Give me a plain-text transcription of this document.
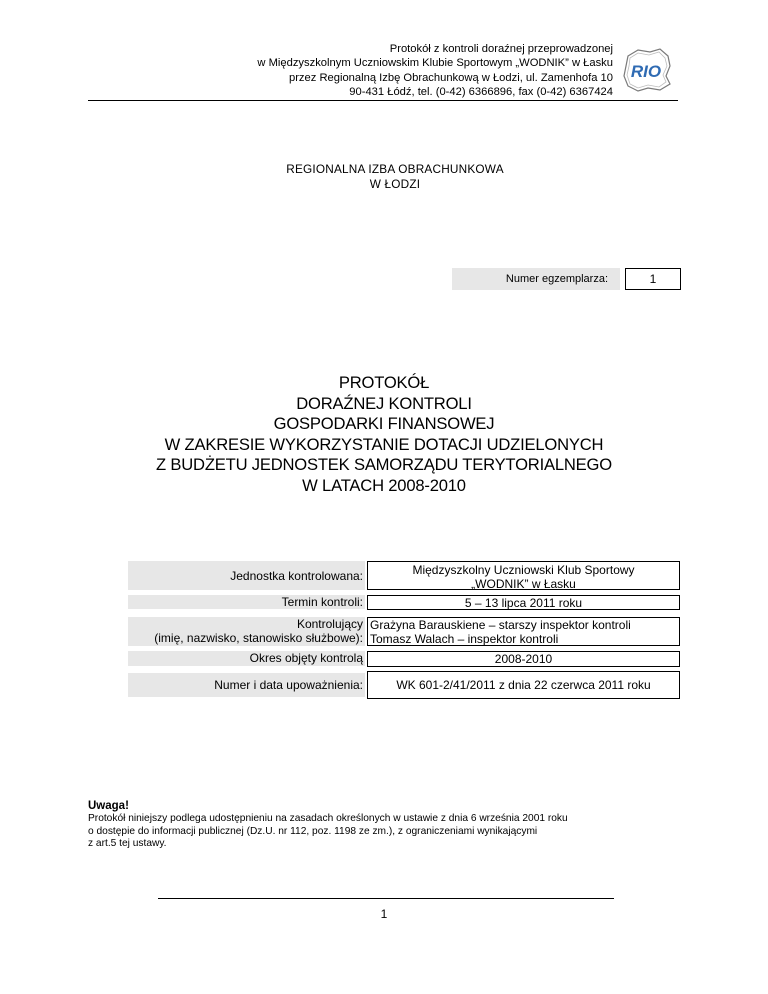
Protokół z kontroli doraźnej przeprowadzonej
w Międzyszkolnym Uczniowskim Klubie Sportowym „WODNIK” w Łasku
przez Regionalną Izbę Obrachunkową w Łodzi, ul. Zamenhofa 10
90-431 Łódź, tel. (0-42) 6366896, fax (0-42) 6367424
RIO
REGIONALNA IZBA OBRACHUNKOWA
W ŁODZI
Numer egzemplarza:	1
PROTOKÓŁ
DORAŹNEJ KONTROLI
GOSPODARKI FINANSOWEJ
W ZAKRESIE WYKORZYSTANIE DOTACJI UDZIELONYCH
Z BUDŻETU JEDNOSTEK SAMORZĄDU TERYTORIALNEGO
W LATACH 2008-2010
Jednostka kontrolowana:	Międzyszkolny Uczniowski Klub Sportowy
„WODNIK” w Łasku
Termin kontroli:	5 – 13 lipca 2011 roku
Kontrolujący
(imię, nazwisko, stanowisko służbowe):
Grażyna Barauskiene – starszy inspektor kontroli
Tomasz Walach – inspektor kontroli
Okres objęty kontrolą	2008-2010
Numer i data upoważnienia:	WK 601-2/41/2011 z dnia 22 czerwca 2011 roku
Uwaga!
Protokół niniejszy podlega udostępnieniu na zasadach określonych w ustawie z dnia 6 września 2001 roku
o dostępie do informacji publicznej (Dz.U. nr 112, poz. 1198 ze zm.), z ograniczeniami wynikającymi
z art.5 tej ustawy.
1
